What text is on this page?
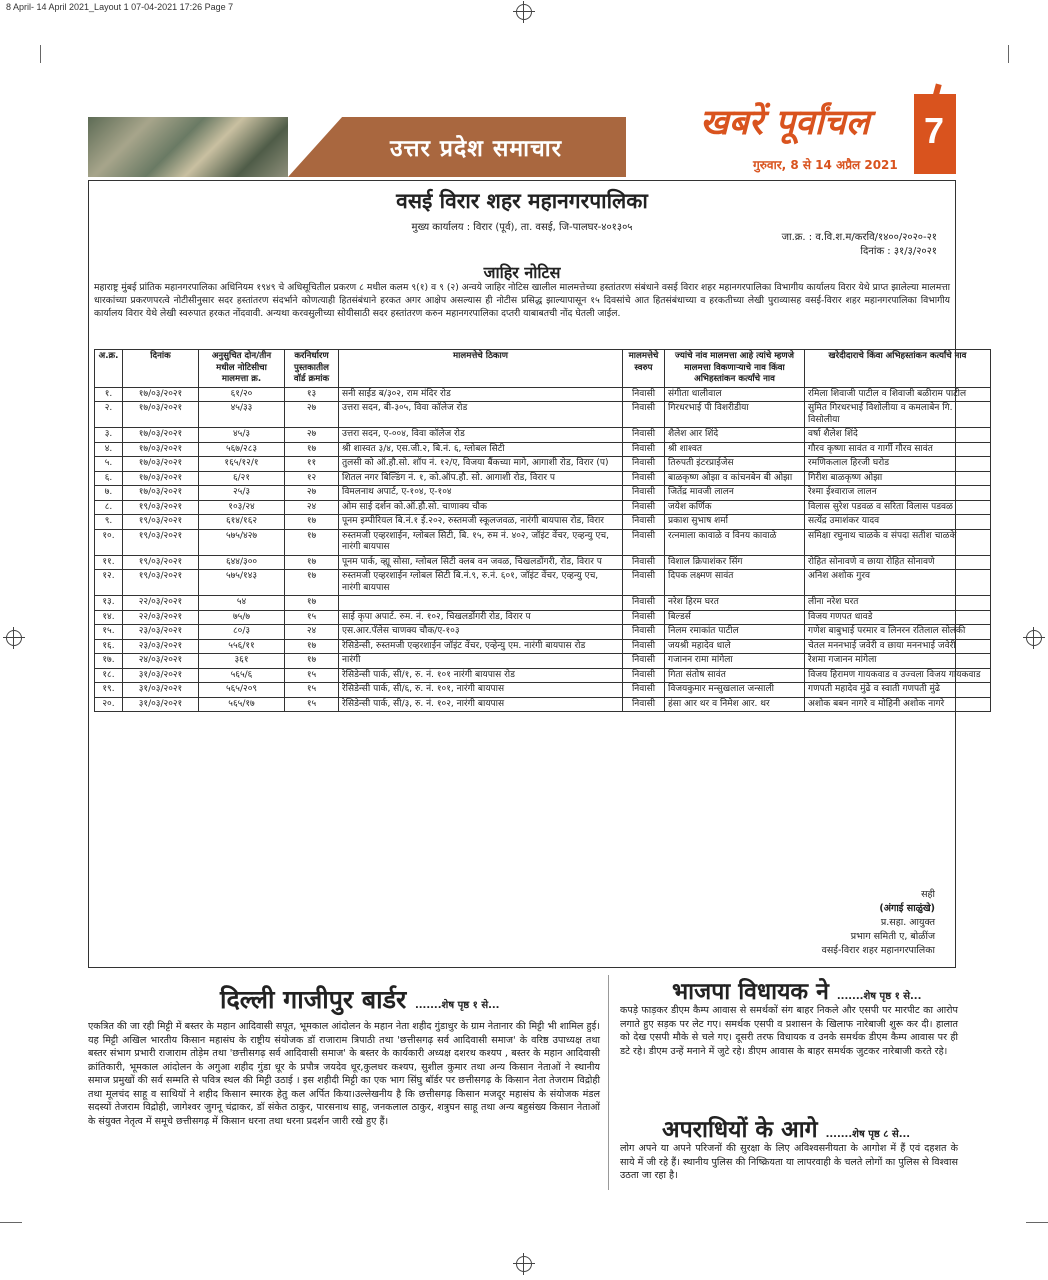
8 April- 14 April 2021_Layout 1 07-04-2021 17:26 Page 7
उत्तर प्रदेश समाचार
खबरें पूर्वांचल 7
गुरुवार, 8 से 14 अप्रैल 2021
वसई विरार शहर महानगरपालिका
मुख्य कार्यालय : विरार (पूर्व), ता. वसई, जि-पालघर-४०१३०५
जा.क्र. : व.वि.श.म/करवि/१४००/२०२०-२१
दिनांक : ३१/३/२०२१
जाहिर नोटिस
महाराष्ट्र मुंबई प्रांतिक महानगरपालिका अधिनियम १९४९ चे अधिसूचितील प्रकरण ८ मधील कलम ९(१) व ९ (२) अन्वये जाहिर नोटिस खालील मालमत्तेच्या हस्तांतरण संबंधाने वसई विरार शहर महानगरपालिका विभागीय कार्यालय विरार येथे प्राप्त झालेल्या मालमत्ता धारकांच्या प्रकरणपरत्वे नोटीसीनुसार सदर हस्तांतरण संदर्भाने कोणत्याही हितसंबंधाने हरकत अगर आक्षेप असल्यास ही नोटीस प्रसिद्ध झाल्यापासून १५ दिवसांचे आत हितसंबंधाच्या व हरकतीच्या लेखी पुराव्यासह वसई-विरार शहर महानगरपालिका विभागीय कार्यालय विरार येथे लेखी स्वरुपात हरकत नोंदवावी. अन्यथा करवसुलीच्या सोयीसाठी सदर हस्तांतरण करुन महानगरपालिका दप्तरी याबाबतची नोंद घेतली जाईल.
अ.क्र.	दिनांक	अनुसुचित दोन/तीन मधील नोटिसीचा मालमत्ता क्र.	करनिर्धारण पुस्तकातील वॉर्ड क्रमांक	मालमत्तेचे ठिकाण	मालमत्तेचे स्वरुप	ज्यांचे नांव मालमत्ता आहे त्यांचे म्हणजे मालमत्ता विकणाऱ्याचे नाव किंवा अभिहस्तांकन कर्त्यांचे नाव	खरेदीदाराचे किंवा अभिहस्तांकन कर्त्यांचे नाव
१.	१७/०३/२०२१	६१/२०	१३	सनी साईड ब/३०२, राम मंदिर रोड	निवासी	संगीता धालीवाल	रमिला शिवाजी पाटील व शिवाजी बळीराम पाटील
२.	१७/०३/२०२१	४५/३३	२७	उत्तरा सदन, बी-३०५, विवा कॉलेज रोड	निवासी	गिरधरभाई पी विशरीडीया	सुमित गिरधरभाई विशोलीया व कमलाबेन गि. विसोलीया
३.	१७/०३/२०२१	४५/३	२७	उत्तरा सदन, ए-००४, विवा कॉलेज रोड	निवासी	शैलेश आर शिंदे	वर्षा शैलेश शिंदे
४.	१७/०३/२०२१	५६७/२८३	१७	श्री शास्वत ३/४, एस.जी.२, बि.नं. ६, ग्लोबल सिटी	निवासी	श्री शाश्वत	गौरव कृष्णा सावंत व गार्गी गौरव सावंत
५.	१७/०३/२०२१	१६५/१२/१	११	तुलसी को ऑ.हौ.सो. शॉप नं. १२/ए, विजया बैंकच्या मागे, आगाशी रोड, विरार (प)	निवासी	तिरुपती इंटरप्राईजेस	रमणिकलाल हिरजी घरोड
६.	१७/०३/२०२१	६/२१	१२	शितल नगर बिल्डिंग नं. १, को.ऑप.हौ. सो. आगाशी रोड, विरार प	निवासी	बाळकृष्ण ओझा व कांचनबेन बी ओझा	गिरीश बाळकृष्ण ओझा
७.	१७/०३/२०२१	२५/३	२७	विमलनाथ अपार्ट, ए-१०४, ए-१०४	निवासी	जितेंद्र मावजी लालन	रेश्मा ईश्वाराज लालन
८.	१९/०३/२०२१	१०३/२४	२४	ओम साई दर्शन को.ऑ.हौ.सो. चाणाक्य चौक	निवासी	जयेश कर्णिक	विलास सुरेश पडवळ व सरिता विलास पडवळ
९.	१९/०३/२०२१	६१४/१६२	१७	पूनम इम्पीरियल बि.नं.१ ई.२०२, रुस्तमजी स्कूलजवळ, नारंगी बायपास रोड, विरार	निवासी	प्रकाश सुभाष शर्मा	सत्येंद्र उमाशंकर यादव
१०.	१९/०३/२०२१	५७५/४२७	१७	रुस्तमजी एव्हरशाईन, ग्लोबल सिटी, बि. १५, रुम नं. ४०२, जॉइंट वेंचर, एव्हन्यु एच, नारंगी बायपास	निवासी	रत्नमाला कावाळे व विनय कावाळे	समिक्षा रघुनाथ चाळके व संपदा सतीश चाळके
११.	१९/०३/२०२१	६४४/३००	१७	पूनम पार्क, व्ह्यू सोसा, ग्लोबल सिटी क्लब वन जवळ, चिखलडोंगरी, रोड, विरार प	निवासी	विशाल क्रिपाशंकर सिंग	रोहित सोनावणे व छाया रोहित सोनावणे
१२.	१९/०३/२०२१	५७५/१४३	१७	रुस्तमजी एव्हरशाईन ग्लोबल सिटी बि.नं.९, रु.नं. ६०१, जॉइंट वेंचर, एव्हन्यु एच, नारंगी बायपास	निवासी	दिपक लक्ष्मण सावंत	अनिश अशोक गुरव
१३.	२२/०३/२०२१	५४	१७		निवासी	नरेश हिरम घरत	लीना नरेश घरत
१४.	२२/०३/२०२१	७५/७	१५	साई कृपा अपार्ट. रुम. नं. १०२, चिखलडोंगरी रोड, विरार प	निवासी	बिल्डर्स	विजय गणपत धावडे
१५.	२३/०३/२०२१	८०/३	२४	एस.आर.पॅलेस चाणक्य चौक/ए-१०३	निवासी	निलम रमाकांत पाटील	गणेश बाबुभाई परमार व लिनरन रतिलाल सोलंकी
१६.	२३/०३/२०२१	५५६/११	१७	रेसिडेन्सी, रुस्तमजी एव्हरशाईन जॉइंट वेंचर, एव्हेन्यु एम. नारंगी बायपास रोड	निवासी	जयश्री महादेव धाले	चेतल मननभाई जवेरी व छाया मननभाई जवेरी
१७.	२४/०३/२०२१	३६१	१७	नारंगी	निवासी	गजानन रामा मांगेला	रेशमा गजानन मांगेला
१८.	३१/०३/२०२१	५६५/६	१५	रेसिडेन्सी पार्क, सी/१, रु. नं. १०१ नारंगी बायपास रोड	निवासी	गिता संतोष सावंत	विजय हिरामण गायकवाड व उज्वला विजय गायकवाड
१९.	३१/०३/२०२१	५६५/२०९	१५	रेसिडेन्सी पार्क, सी/६, रु. नं. १०१, नारंगी बायपास	निवासी	विजयकुमार मन्सुखलाल जन्साली	गणपती महादेव मुंढे व स्वाती गणपती मुंढे
२०.	३१/०३/२०२१	५६५/१७	१५	रेसिडेन्सी पार्क, सी/३, रु. नं. १०२, नारंगी बायपास	निवासी	हंसा आर थर व निमेश आर. थर	अशोक बबन नागरे व मोहिनी अशोक नागरे
सही
(अंगाई साळुंखे)
प्र.सहा. आयुक्त
प्रभाग समिती ए, बोळींज
वसई-विरार शहर महानगरपालिका
दिल्ली गाजीपुर बार्डर .......शेष पृष्ठ १ से...
एकत्रित की जा रही मिट्टी में बस्तर के महान आदिवासी सपूत, भूमकाल आंदोलन के महान नेता शहीद गुंडाधुर के ग्राम नेतानार की मिट्टी भी शामिल हुई। यह मिट्टी अखिल भारतीय किसान महासंघ के राष्ट्रीय संयोजक डॉ राजाराम त्रिपाठी तथा 'छत्तीसगढ़ सर्व आदिवासी समाज' के वरिष्ठ उपाध्यक्ष तथा बस्तर संभाग प्रभारी राजाराम तोड़ेम तथा 'छत्तीसगढ़ सर्व आदिवासी समाज' के बस्तर के कार्यकारी अध्यक्ष दशरथ कश्यप , बस्तर के महान आदिवासी क्रांतिकारी, भूमकाल आंदोलन के अगुआ शहीद गुंडा धूर के प्रपौत्र जयदेव धूर,कुलधर कश्यप, सुशील कुमार तथा अन्य किसान नेताओं ने स्थानीय समाज प्रमुखों की सर्व सम्मति से पवित्र स्थल की मिट्टी उठाई । इस शहीदी मिट्टी का एक भाग सिंघु बॉर्डर पर छत्तीसगढ़ के किसान नेता तेजराम विद्रोही तथा मूलचंद साहू व साथियों ने शहीद किसान स्मारक हेतु कल अर्पित किया।उल्लेखनीय है कि छत्तीसगढ़ किसान मजदूर महासंघ के संयोजक मंडल सदस्यों तेजराम विद्रोही, जागेश्वर जुगनू चंद्राकर, डॉ संकेत ठाकुर, पारसनाथ साहू, जनकलाल ठाकुर, शत्रुघन साहू तथा अन्य बहुसंख्य किसान नेताओं के संयुक्त नेतृत्व में समूचे छत्तीसगढ़ में किसान धरना तथा धरना प्रदर्शन जारी रखे हुए हैं।
भाजपा विधायक ने .......शेष पृष्ठ १ से...
कपड़े फाड़कर डीएम कैम्प आवास से समर्थकों संग बाहर निकले और एसपी पर मारपीट का आरोप लगाते हुए सड़क पर लेट गए। समर्थक एसपी व प्रशासन के खिलाफ नारेबाजी शुरू कर दी। हालात को देख एसपी मौके से चले गए। दूसरी तरफ विधायक व उनके समर्थक डीएम कैम्प आवास पर ही डटे रहे। डीएम उन्हें मनाने में जुटे रहे। डीएम आवास के बाहर समर्थक जुटकर नारेबाजी करते रहे।
अपराधियों के आगे .......शेष पृष्ठ ८ से...
लोग अपने या अपने परिजनों की सुरक्षा के लिए अविश्वसनीयता के आगोश में हैं एवं दहशत के साये में जी रहे हैं। स्थानीय पुलिस की निष्क्रियता या लापरवाही के चलते लोगों का पुलिस से विश्वास उठता जा रहा है।
